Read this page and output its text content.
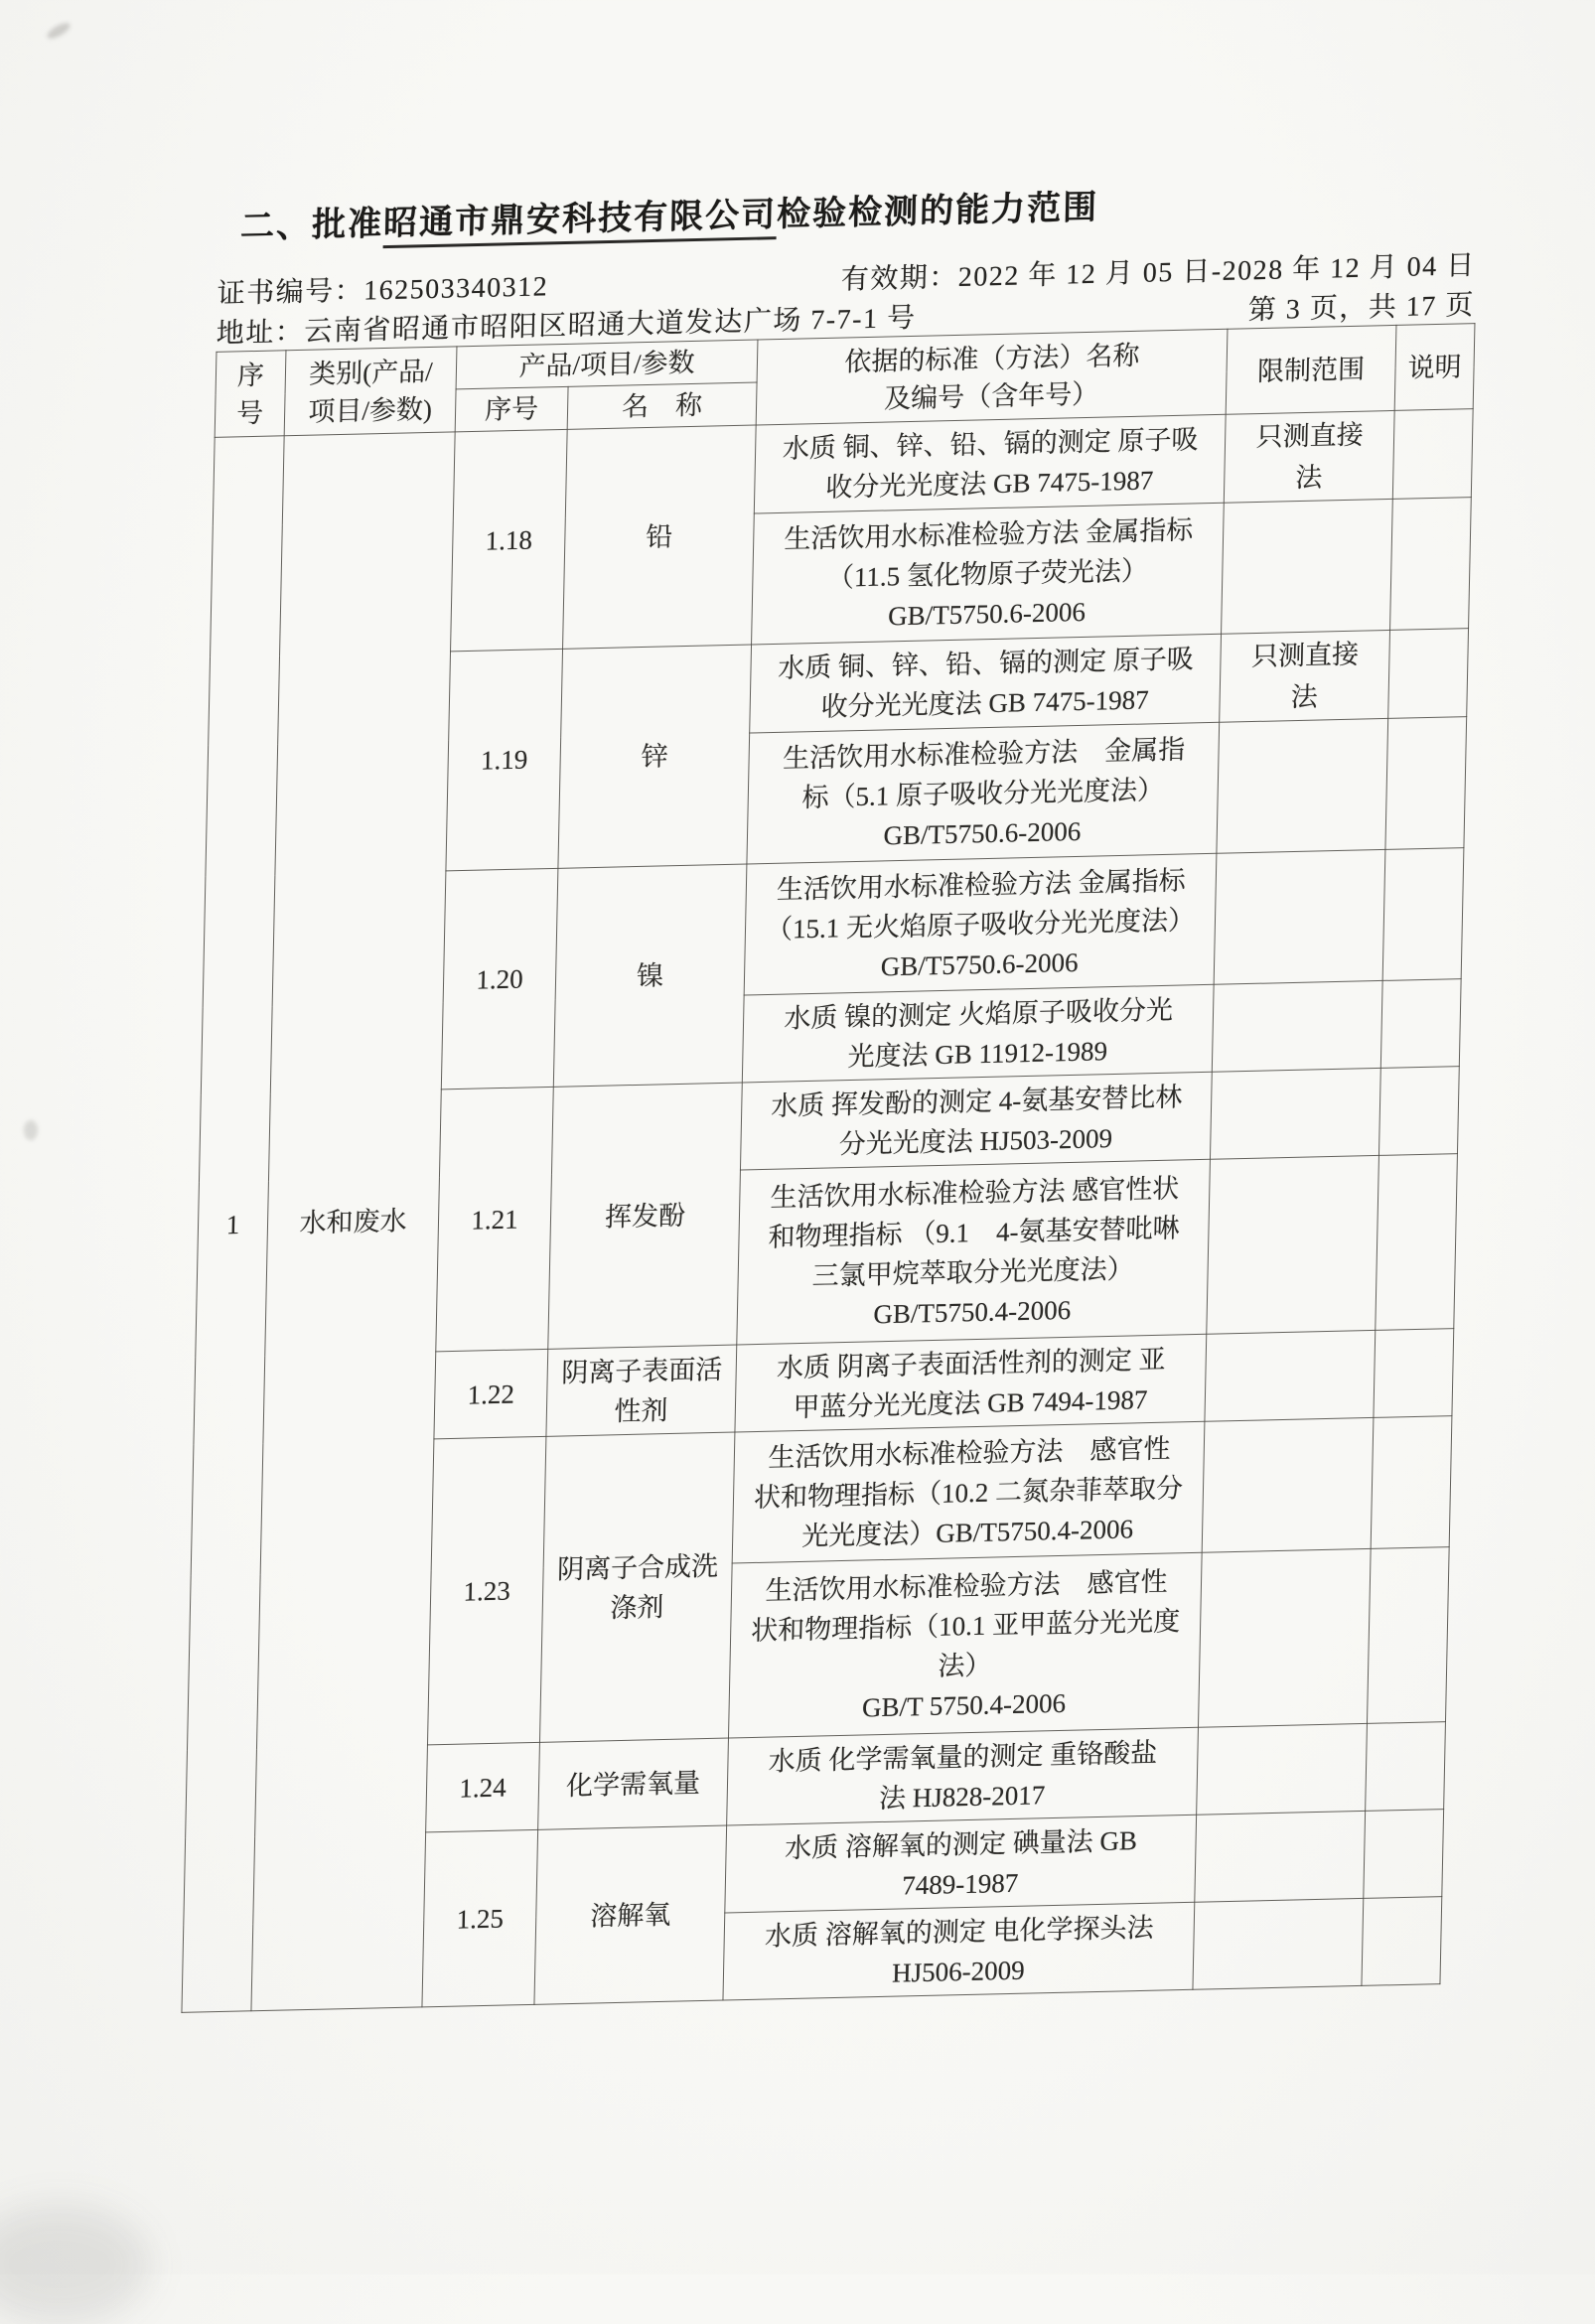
二、批准昭通市鼎安科技有限公司检验检测的能力范围
证书编号：162503340312	有效期：2022 年 12 月 05 日-2028 年 12 月 04 日
地址：云南省昭通市昭阳区昭通大道发达广场 7-7-1 号	第 3 页，共 17 页
序
号	类别(产品/
项目/参数)	产品/项目/参数		依据的标准（方法）名称
及编号（含年号）	限制范围	说明
		序号	名　称			
1	水和废水	1.18	铅	水质 铜、锌、铅、镉的测定 原子吸
收分光光度法 GB 7475-1987	只测直接法	
				生活饮用水标准检验方法 金属指标
（11.5 氢化物原子荧光法）
GB/T5750.6-2006		
		1.19	锌	水质 铜、锌、铅、镉的测定 原子吸
收分光光度法 GB 7475-1987	只测直接法	
				生活饮用水标准检验方法　金属指
标（5.1 原子吸收分光光度法）
GB/T5750.6-2006		
		1.20	镍	生活饮用水标准检验方法 金属指标
（15.1 无火焰原子吸收分光光度法）
GB/T5750.6-2006		
				水质 镍的测定 火焰原子吸收分光
光度法 GB 11912-1989		
		1.21	挥发酚	水质 挥发酚的测定 4-氨基安替比林
分光光度法 HJ503-2009		
				生活饮用水标准检验方法 感官性状
和物理指标 （9.1　4-氨基安替吡啉
三氯甲烷萃取分光光度法）
GB/T5750.4-2006		
		1.22	阴离子表面活性剂	水质 阴离子表面活性剂的测定 亚
甲蓝分光光度法 GB 7494-1987		
		1.23	阴离子合成洗涤剂	生活饮用水标准检验方法　感官性
状和物理指标（10.2 二氮杂菲萃取分
光光度法）GB/T5750.4-2006		
				生活饮用水标准检验方法　感官性
状和物理指标（10.1 亚甲蓝分光光度
法）
GB/T 5750.4-2006		
		1.24	化学需氧量	水质 化学需氧量的测定 重铬酸盐
法 HJ828-2017		
		1.25	溶解氧	水质 溶解氧的测定 碘量法 GB
7489-1987		
				水质 溶解氧的测定 电化学探头法
HJ506-2009		
